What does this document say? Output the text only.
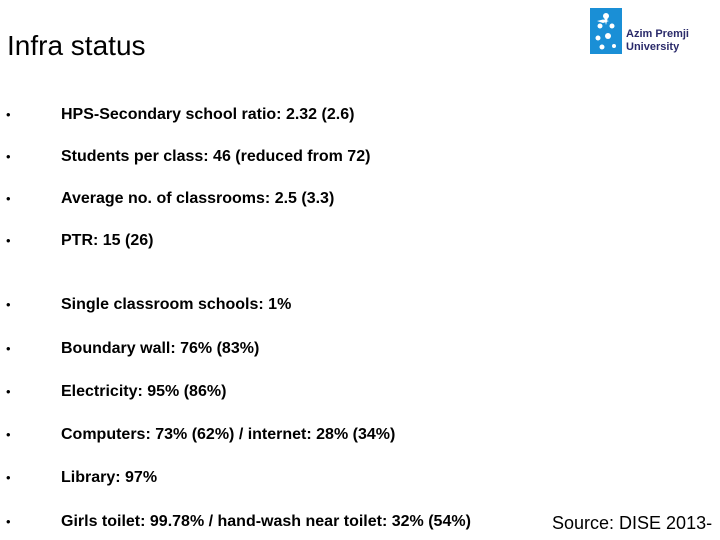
Infra status	Azim Premji
University
•	HPS-Secondary school ratio: 2.32 (2.6)
•	Students per class: 46 (reduced from 72)
•	Average no. of classrooms: 2.5 (3.3)
•	PTR: 15 (26)
•	Single classroom schools: 1%
•	Boundary wall: 76% (83%)
•	Electricity: 95% (86%)
•	Computers: 73% (62%) / internet: 28% (34%)
•	Library: 97%
•	Girls toilet: 99.78% / hand-wash near toilet: 32% (54%)	Source: DISE 2013-
